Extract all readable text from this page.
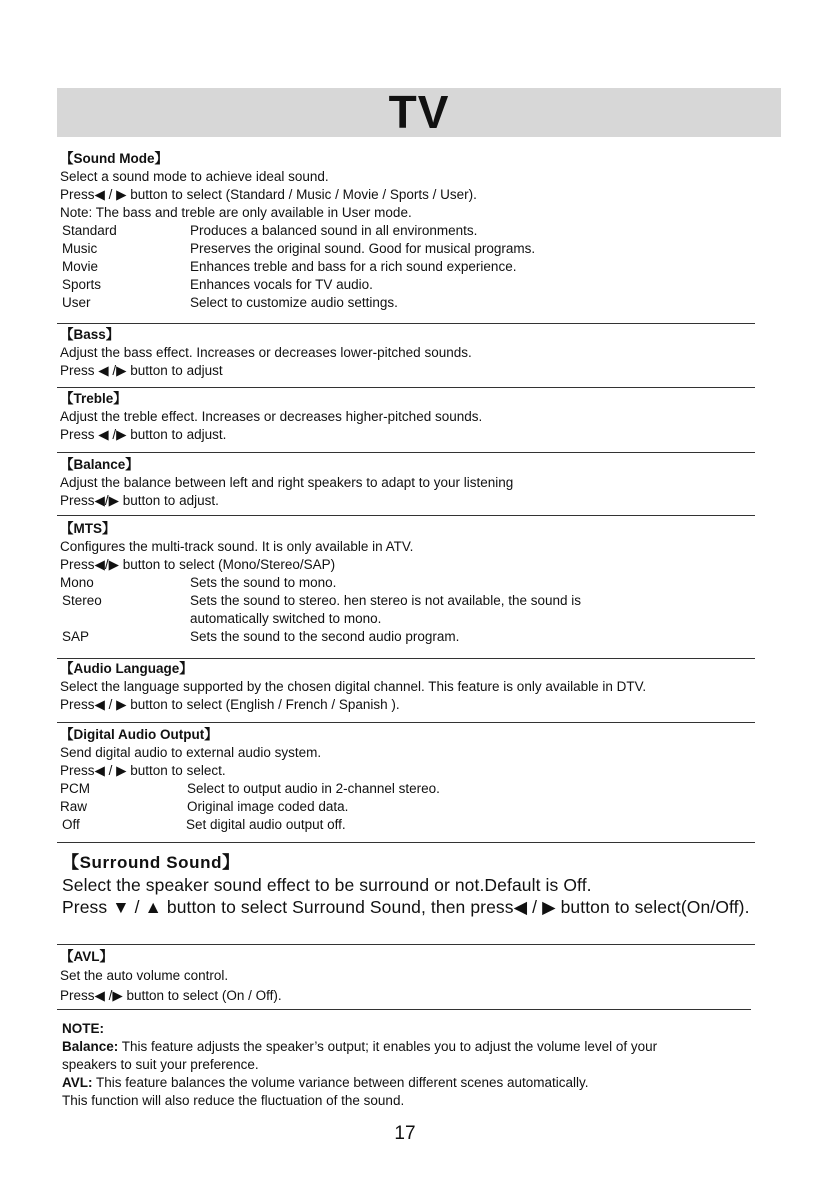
TV
【Sound Mode】
Select a sound mode to achieve ideal sound.
Press◀ / ▶ button to select (Standard / Music / Movie / Sports / User).
Note: The bass and treble are only available in User mode.
Standard	Produces a balanced sound in all environments.
Music	Preserves the original sound. Good for musical programs.
Movie	Enhances treble and bass for a rich sound experience.
Sports	Enhances vocals for TV audio.
User	Select to customize audio settings.
【Bass】
Adjust the bass effect. Increases or decreases lower-pitched sounds.
Press ◀ /▶ button to adjust
【Treble】
Adjust the treble effect. Increases or decreases higher-pitched sounds.
Press ◀ /▶ button to adjust.
【Balance】
Adjust the balance between left and right speakers to adapt to your listening
Press◀/▶ button to adjust.
【MTS】
Configures the multi-track sound. It is only available in ATV.
Press◀/▶ button to select (Mono/Stereo/SAP)
Mono	Sets the sound to mono.
Stereo	Sets the sound to stereo. hen stereo is not available, the sound is
automatically switched to mono.
SAP	Sets the sound to the second audio program.
【Audio Language】
Select the language supported by the chosen digital channel. This feature is only available in DTV.
Press◀ / ▶ button to select (English / French / Spanish ).
【Digital Audio Output】
Send digital audio to external audio system.
Press◀ / ▶ button to select.
PCM	Select to output audio in 2-channel stereo.
Raw	Original image coded data.
Off	Set digital audio output off.
【Surround Sound】
Select the speaker sound effect to be surround or not.Default is Off.
Press ▼ / ▲ button to select Surround Sound, then press◀ / ▶ button to select(On/Off).
【AVL】
Set the auto volume control.
Press◀ /▶ button to select (On / Off).
NOTE:
Balance: This feature adjusts the speaker’s output; it enables you to adjust the volume level of your
speakers to suit your preference.
AVL: This feature balances the volume variance between different scenes automatically.
This function will also reduce the fluctuation of the sound.
17
